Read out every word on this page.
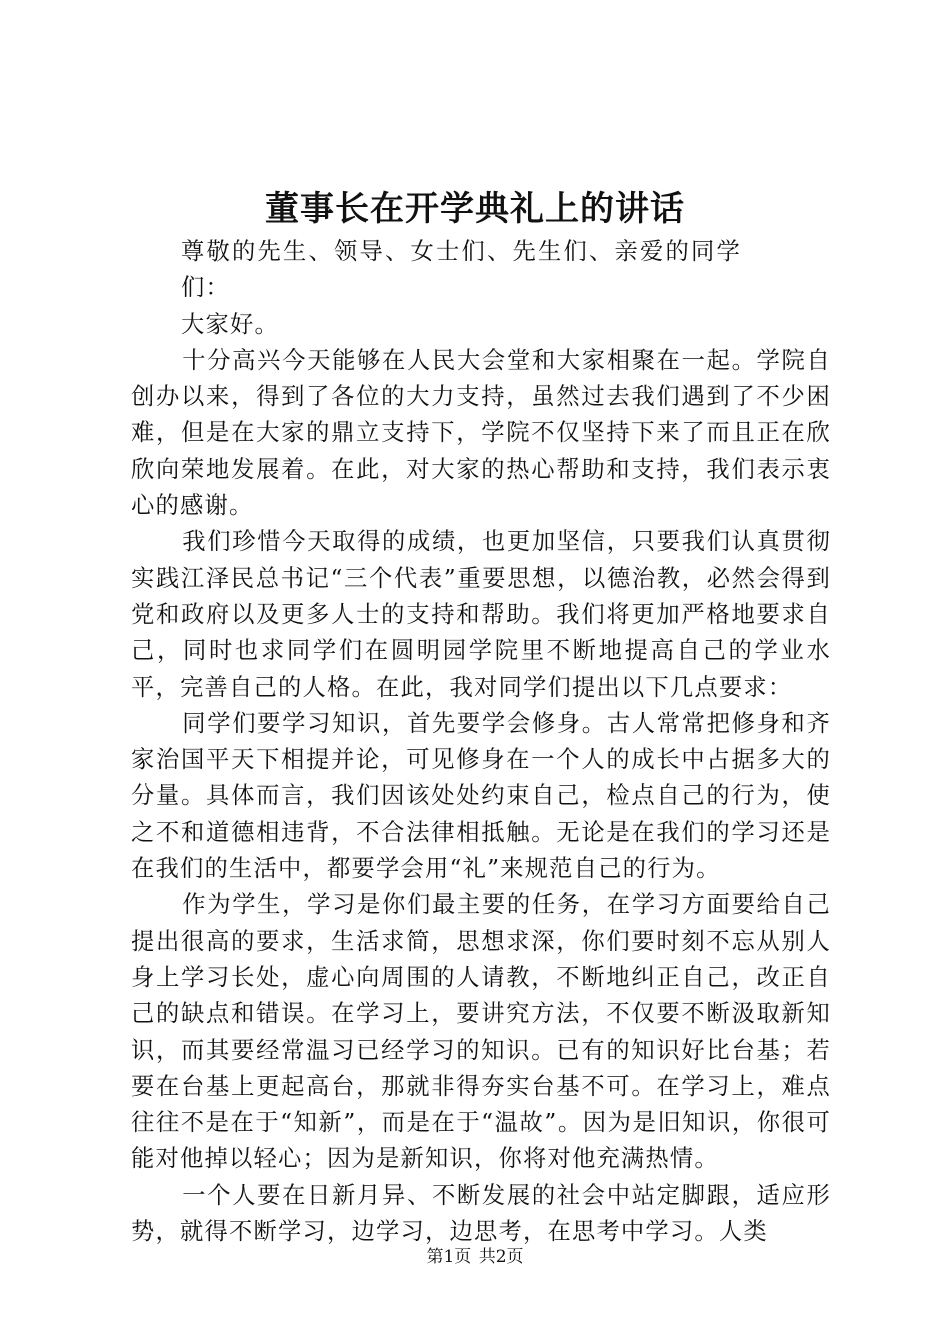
董事长在开学典礼上的讲话

尊敬的先生、领导、女士们、先生们、亲爱的同学们：

大家好。

十分高兴今天能够在人民大会堂和大家相聚在一起。学院自创办以来，得到了各位的大力支持，虽然过去我们遇到了不少困难，但是在大家的鼎立支持下，学院不仅坚持下来了而且正在欣欣向荣地发展着。在此，对大家的热心帮助和支持，我们表示衷心的感谢。

我们珍惜今天取得的成绩，也更加坚信，只要我们认真贯彻实践江泽民总书记“三个代表”重要思想，以德治教，必然会得到党和政府以及更多人士的支持和帮助。我们将更加严格地要求自己，同时也求同学们在圆明园学院里不断地提高自己的学业水平，完善自己的人格。在此，我对同学们提出以下几点要求：

同学们要学习知识，首先要学会修身。古人常常把修身和齐家治国平天下相提并论，可见修身在一个人的成长中占据多大的分量。具体而言，我们因该处处约束自己，检点自己的行为，使之不和道德相违背，不合法律相抵触。无论是在我们的学习还是在我们的生活中，都要学会用“礼”来规范自己的行为。

作为学生，学习是你们最主要的任务，在学习方面要给自己提出很高的要求，生活求简，思想求深，你们要时刻不忘从别人身上学习长处，虚心向周围的人请教，不断地纠正自己，改正自己的缺点和错误。在学习上，要讲究方法，不仅要不断汲取新知识，而其要经常温习已经学习的知识。已有的知识好比台基；若要在台基上更起高台，那就非得夯实台基不可。在学习上，难点往往不是在于“知新”，而是在于“温故”。因为是旧知识，你很可能对他掉以轻心；因为是新知识，你将对他充满热情。

一个人要在日新月异、不断发展的社会中站定脚跟，适应形势，就得不断学习，边学习，边思考，在思考中学习。人类

第1页 共2页
